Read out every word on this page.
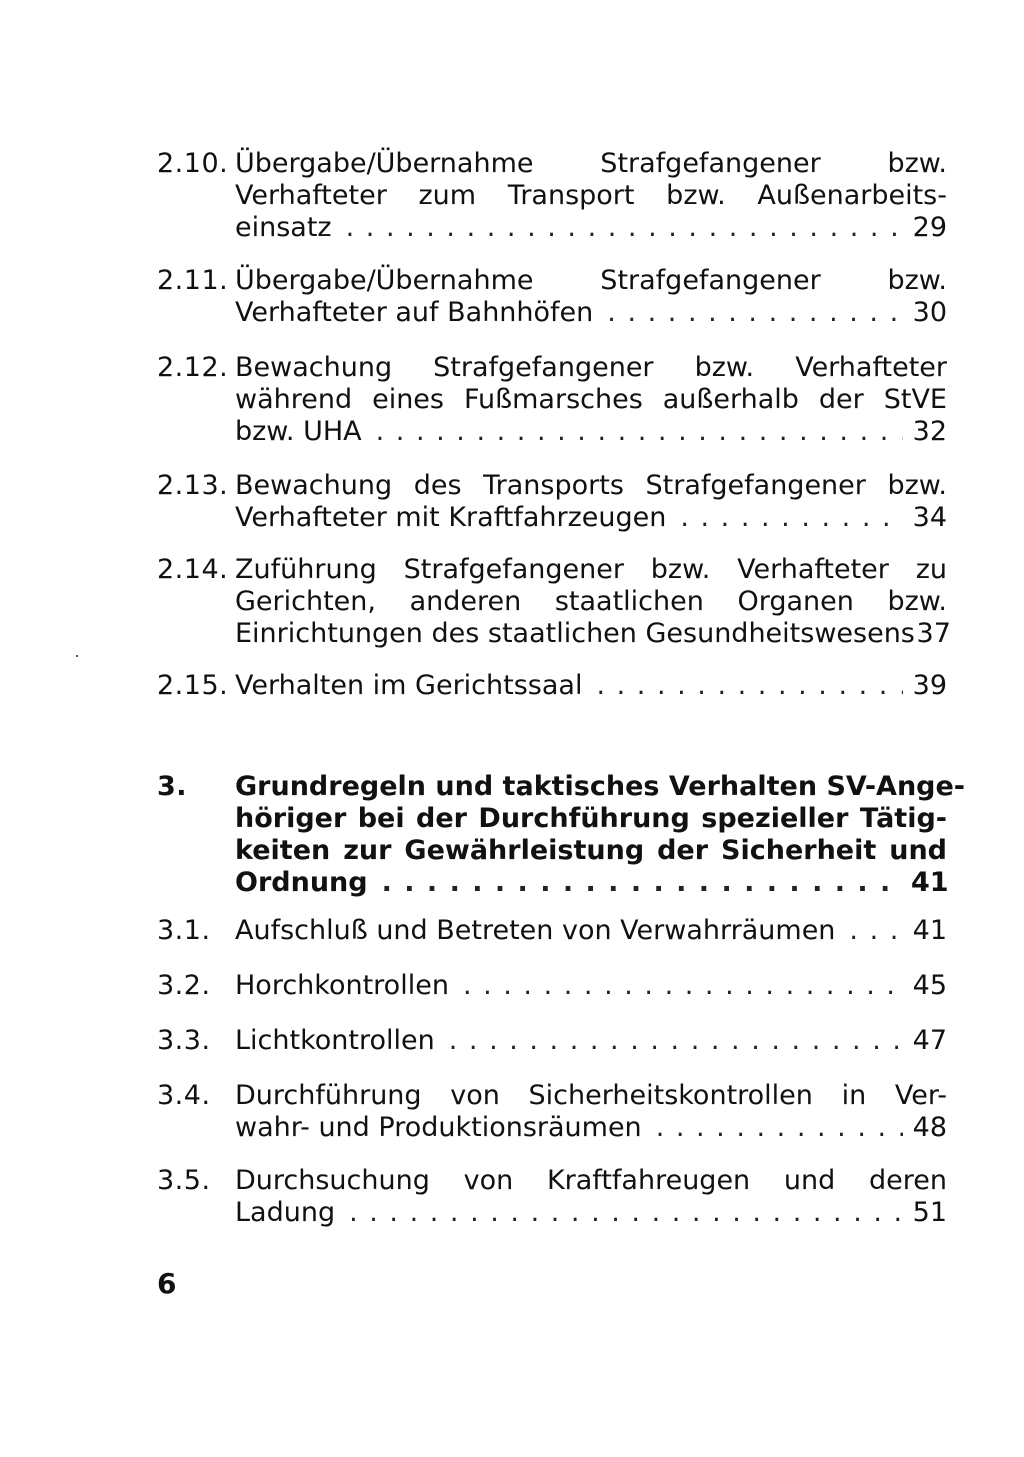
2.10. Übergabe/Übernahme Strafgefangener bzw.
Verhafteter zum Transport bzw. Außenarbeits-
einsatz . . .	29
2.11. Übergabe/Übernahme Strafgefangener bzw.
Verhafteter auf Bahnhöfen . . .	30
2.12. Bewachung Strafgefangener bzw. Verhafteter
während eines Fußmarsches außerhalb der StVE
bzw. UHA . . .	32
2.13. Bewachung des Transports Strafgefangener bzw.
Verhafteter mit Kraftfahrzeugen . . .	34
2.14. Zuführung Strafgefangener bzw. Verhafteter zu
Gerichten, anderen staatlichen Organen bzw.
Einrichtungen des staatlichen Gesundheitswesens 37
2.15. Verhalten im Gerichtssaal . . .	39
3. Grundregeln und taktisches Verhalten SV-Ange-
höriger bei der Durchführung spezieller Tätig-
keiten zur Gewährleistung der Sicherheit und
Ordnung . . .	41
3.1. Aufschluß und Betreten von Verwahrräumen . . .	41
3.2. Horchkontrollen . . .	45
3.3. Lichtkontrollen . . .	47
3.4. Durchführung von Sicherheitskontrollen in Ver-
wahr- und Produktionsräumen . . .	48
3.5. Durchsuchung von Kraftfahreugen und deren
Ladung . . .	51
6
